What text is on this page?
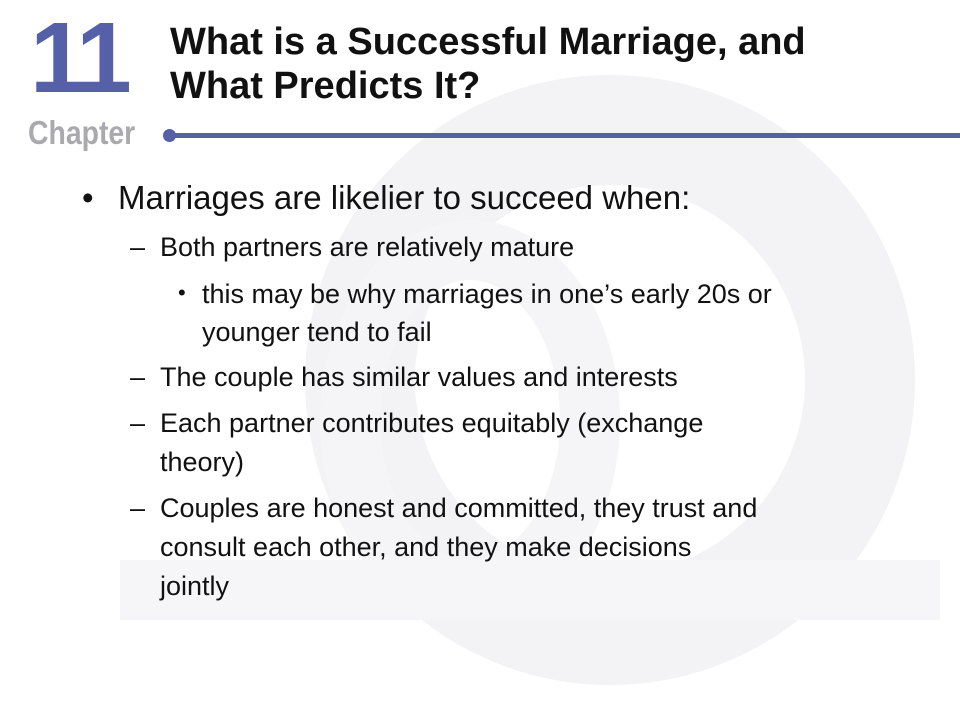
11
Chapter
What is a Successful Marriage, and
What Predicts It?
• Marriages are likelier to succeed when:
– Both partners are relatively mature
• this may be why marriages in one’s early 20s or
younger tend to fail
– The couple has similar values and interests
– Each partner contributes equitably (exchange
theory)
– Couples are honest and committed, they trust and
consult each other, and they make decisions
jointly
